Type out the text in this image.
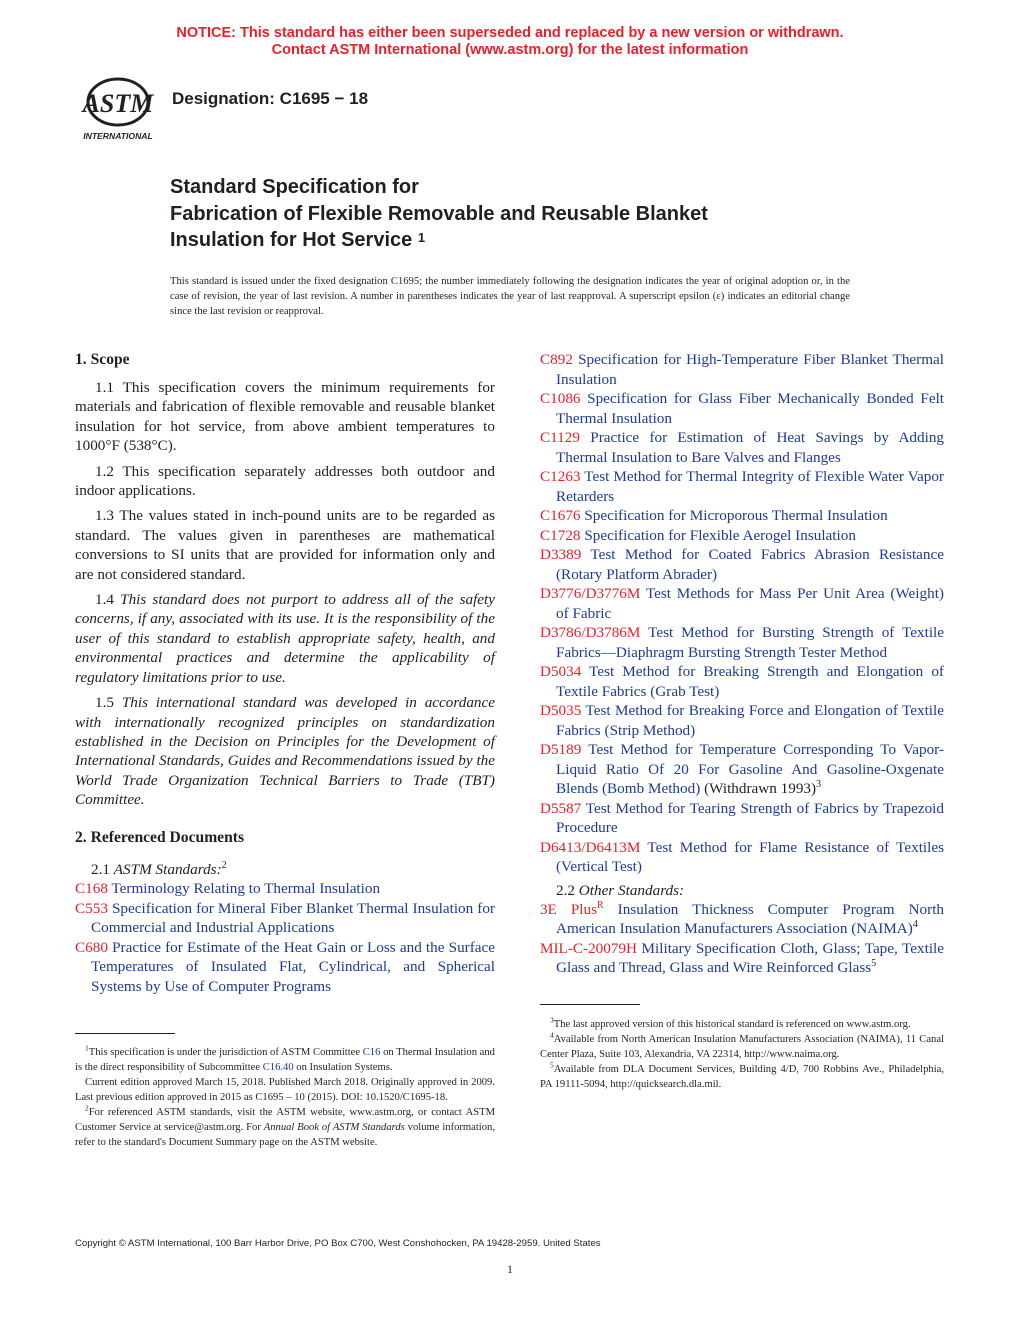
NOTICE: This standard has either been superseded and replaced by a new version or withdrawn.
Contact ASTM International (www.astm.org) for the latest information
ASTM
INTERNATIONAL
Designation: C1695 − 18
Standard Specification for
Fabrication of Flexible Removable and Reusable Blanket
Insulation for Hot Service $^1$
This standard is issued under the fixed designation C1695; the number immediately following the designation indicates the year of original adoption or, in the case of revision, the year of last revision. A number in parentheses indicates the year of last reapproval. A superscript epsilon (ε) indicates an editorial change since the last revision or reapproval.
1. Scope

1.1 This specification covers the minimum requirements for materials and fabrication of flexible removable and reusable blanket insulation for hot service, from above ambient temperatures to 1000°F (538°C).

1.2 This specification separately addresses both outdoor and indoor applications.

1.3 The values stated in inch-pound units are to be regarded as standard. The values given in parentheses are mathematical conversions to SI units that are provided for information only and are not considered standard.

1.4 This standard does not purport to address all of the safety concerns, if any, associated with its use. It is the responsibility of the user of this standard to establish appropriate safety, health, and environmental practices and determine the applicability of regulatory limitations prior to use.

1.5 This international standard was developed in accordance with internationally recognized principles on standardization established in the Decision on Principles for the Development of International Standards, Guides and Recommendations issued by the World Trade Organization Technical Barriers to Trade (TBT) Committee.

2. Referenced Documents

2.1 ASTM Standards:$^2$

C168 Terminology Relating to Thermal Insulation

C553 Specification for Mineral Fiber Blanket Thermal Insulation for Commercial and Industrial Applications

C680 Practice for Estimate of the Heat Gain or Loss and the Surface Temperatures of Insulated Flat, Cylindrical, and Spherical Systems by Use of Computer Programs

$^1$This specification is under the jurisdiction of ASTM Committee C16 on Thermal Insulation and is the direct responsibility of Subcommittee C16.40 on Insulation Systems.

Current edition approved March 15, 2018. Published March 2018. Originally approved in 2009. Last previous edition approved in 2015 as C1695 – 10 (2015). DOI: 10.1520/C1695-18.

$^2$For referenced ASTM standards, visit the ASTM website, www.astm.org, or contact ASTM Customer Service at service@astm.org. For Annual Book of ASTM Standards volume information, refer to the standard's Document Summary page on the ASTM website.

C892 Specification for High-Temperature Fiber Blanket Thermal Insulation

C1086 Specification for Glass Fiber Mechanically Bonded Felt Thermal Insulation

C1129 Practice for Estimation of Heat Savings by Adding Thermal Insulation to Bare Valves and Flanges

C1263 Test Method for Thermal Integrity of Flexible Water Vapor Retarders

C1676 Specification for Microporous Thermal Insulation

C1728 Specification for Flexible Aerogel Insulation

D3389 Test Method for Coated Fabrics Abrasion Resistance (Rotary Platform Abrader)

D3776/D3776M Test Methods for Mass Per Unit Area (Weight) of Fabric

D3786/D3786M Test Method for Bursting Strength of Textile Fabrics—Diaphragm Bursting Strength Tester Method

D5034 Test Method for Breaking Strength and Elongation of Textile Fabrics (Grab Test)

D5035 Test Method for Breaking Force and Elongation of Textile Fabrics (Strip Method)

D5189 Test Method for Temperature Corresponding To Vapor-Liquid Ratio Of 20 For Gasoline And Gasoline-Oxgenate Blends (Bomb Method) (Withdrawn 1993)$^3$

D5587 Test Method for Tearing Strength of Fabrics by Trapezoid Procedure

D6413/D6413M Test Method for Flame Resistance of Textiles (Vertical Test)

2.2 Other Standards:

3E Plus$^R$ Insulation Thickness Computer Program North American Insulation Manufacturers Association (NAIMA)$^4$

MIL-C-20079H Military Specification Cloth, Glass; Tape, Textile Glass and Thread, Glass and Wire Reinforced Glass$^5$

$^3$The last approved version of this historical standard is referenced on www.astm.org.

$^4$Available from North American Insulation Manufacturers Association (NAIMA), 11 Canal Center Plaza, Suite 103, Alexandria, VA 22314, http://www.naima.org.

$^5$Available from DLA Document Services, Building 4/D, 700 Robbins Ave., Philadelphia, PA 19111-5094, http://quicksearch.dla.mil.

Copyright © ASTM International, 100 Barr Harbor Drive, PO Box C700, West Conshohocken, PA 19428-2959. United States
1
